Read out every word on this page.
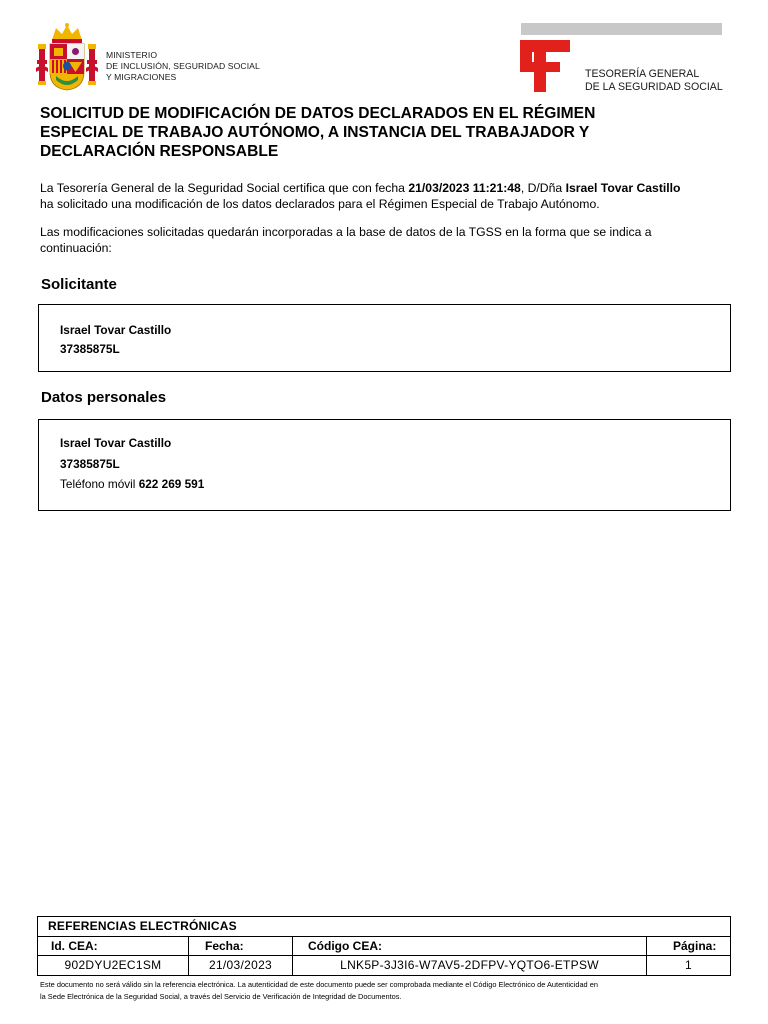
MINISTERIO
DE INCLUSIÓN, SEGURIDAD SOCIAL
Y MIGRACIONES	TESORERÍA GENERAL
DE LA SEGURIDAD SOCIAL
SOLICITUD DE MODIFICACIÓN DE DATOS DECLARADOS EN EL RÉGIMEN
ESPECIAL DE TRABAJO AUTÓNOMO, A INSTANCIA DEL TRABAJADOR Y
DECLARACIÓN RESPONSABLE
La Tesorería General de la Seguridad Social certifica que con fecha 21/03/2023 11:21:48, D/Dña Israel Tovar Castillo
ha solicitado una modificación de los datos declarados para el Régimen Especial de Trabajo Autónomo.
Las modificaciones solicitadas quedarán incorporadas a la base de datos de la TGSS en la forma que se indica a
continuación:
Solicitante
Israel Tovar Castillo
37385875L
Datos personales
Israel Tovar Castillo
37385875L
Teléfono móvil 622 269 591
REFERENCIAS ELECTRÓNICAS
Id. CEA:	Fecha:	Código CEA:	Página:
902DYU2EC1SM	21/03/2023	LNK5P-3J3I6-W7AV5-2DFPV-YQTO6-ETPSW	1
Este documento no será válido sin la referencia electrónica. La autenticidad de este documento puede ser comprobada mediante el Código Electrónico de Autenticidad en
la Sede Electrónica de la Seguridad Social, a través del Servicio de Verificación de Integridad de Documentos.
